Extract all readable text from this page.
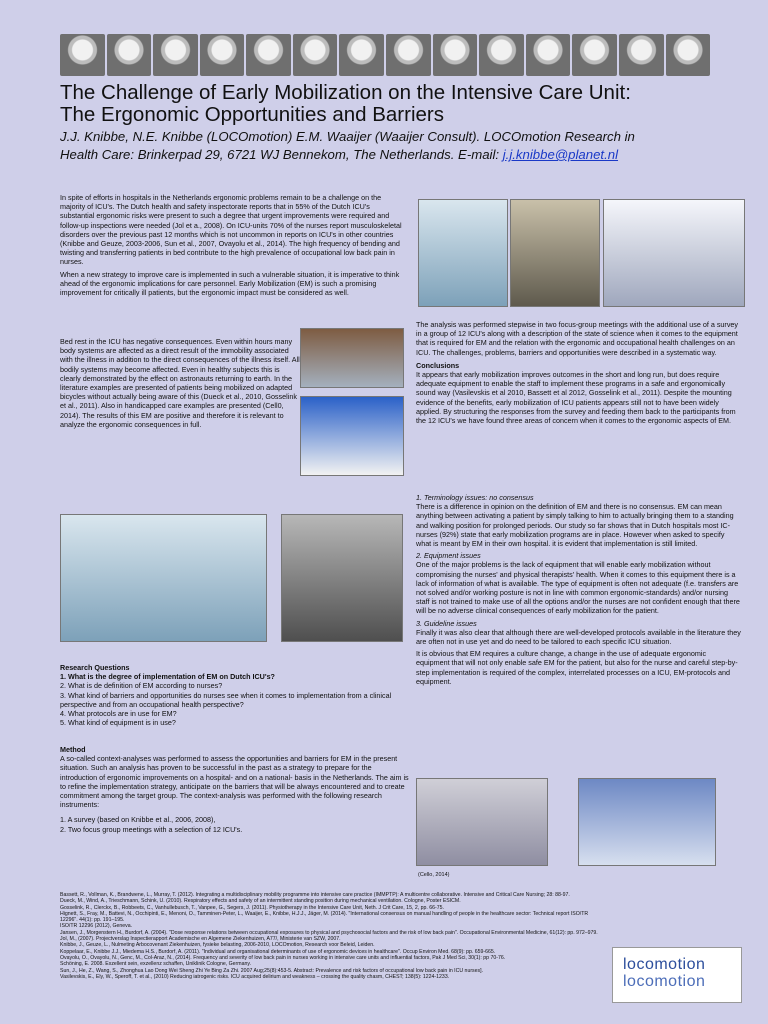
The Challenge of Early Mobilization on the Intensive Care Unit:
The Ergonomic Opportunities and Barriers
J.J. Knibbe, N.E. Knibbe (LOCOmotion) E.M. Waaijer (Waaijer Consult). LOCOmotion Research in
Health Care: Brinkerpad 29, 6721 WJ Bennekom, The Netherlands. E-mail: j.j.knibbe@planet.nl

In spite of efforts in hospitals in the Netherlands ergonomic problems remain to be a challenge on the majority of ICU's. The Dutch health and safety inspectorate reports that in 55% of the Dutch ICU's substantial ergonomic risks were present to such a degree that urgent improvements were required and follow-up inspections were needed (Jol et a., 2008). On ICU-units 70% of the nurses report musculoskeletal disorders over the previous past 12 months which is not uncommon in reports on ICU's in other countries (Knibbe and Geuze, 2003-2006, Sun et al., 2007, Ovayolu et al., 2014). The high frequency of bending and twisting and transferring patients in bed contribute to the high prevalence of occupational low back pain in nurses.

When a new strategy to improve care is implemented in such a vulnerable situation, it is imperative to think ahead of the ergonomic implications for care personnel. Early Mobilization (EM) is such a promising improvement for critically ill patients, but the ergonomic impact must be considered as well.

Bed rest in the ICU has negative consequences. Even within hours many body systems are affected as a direct result of the immobility associated with the illness in addition to the direct consequences of the illness itself. All bodily systems may become affected. Even in healthy subjects this is clearly demonstrated by the effect on astronauts returning to earth. In the literature examples are presented of patients being mobilized on adapted bicycles without actually being aware of this (Dueck et al., 2010, Gosselink et al., 2011). Also in handicapped care examples are presented (Cell0, 2014). The results of this EM are positive and therefore it is relevant to analyze the ergonomic consequences in full.

Research Questions
1. What is the degree of implementation of EM on Dutch ICU's?
2. What is de definition of EM according to nurses?
3. What kind of barriers and opportunities do nurses see when it comes to implementation from a clinical perspective and from an occupational health perspective?
4. What protocols are in use for EM?
5. What kind of equipment is in use?
Method

A so-called context-analyses was performed to assess the opportunities and barriers for EM in the present situation. Such an analysis has proven to be successful in the past as a strategy to prepare for the introduction of ergonomic improvements on a hospital- and on a national- basis in the Netherlands. The aim is to refine the implementation strategy, anticipate on the barriers that will be always encountered and to create commitment among the target group. The context-analysis was performed with the following research instruments:

1. A survey (based on Knibbe et al., 2006, 2008),
2. Two focus group meetings with a selection of 12 ICU's.

The analysis was performed stepwise in two focus-group meetings with the additional use of a survey in a group of 12 ICU's along with a description of the state of science when it comes to the equipment that is required for EM and the relation with the ergonomic and occupational health challenges on an ICU. The challenges, problems, barriers and opportunities were described in a systematic way.

Conclusions

It appears that early mobilization improves outcomes in the short and long run, but does require adequate equipment to enable the staff to implement these programs in a safe and ergonomically sound way (Vasilevskis et al 2010, Bassett et al 2012, Gosselink et al., 2011). Despite the mounting evidence of the benefits, early mobilization of ICU patients appears still not to have been widely applied. By structuring the responses from the survey and feeding them back to the participants from the 12 ICU's we have found three areas of concern when it comes to the ergonomic aspects of EM.

1. Terminology issues: no consensus

There is a difference in opinion on the definition of EM and there is no consensus. EM can mean anything between activating a patient by simply talking to him to actually bringing them to a standing and walking position for prolonged periods. Our study so far shows that in Dutch hospitals most IC-nurses (92%) state that early mobilization programs are in place. However when asked to specify what is meant by EM in their own hospital. it is evident that implementation is still limited.

2. Equipment issues

One of the major problems is the lack of equipment that will enable early mobilization without compromising the nurses' and physical therapists' health. When it comes to this equipment there is a lack of information of what is available. The type of equipment is often not adequate (f.e. transfers are not solved and/or working posture is not in line with common ergonomic-standards) and/or nursing staff is not trained to make use of all the options and/or the nurses are not confident enough that there will be no adverse clinical consequences of early mobilization for the patient.

3. Guideline issues

Finally it was also clear that although there are well-developed protocols available in the literature they are often not in use yet and do need to be tailored to each specific ICU situation.

It is obvious that EM requires a culture change, a change in the use of adequate ergonomic equipment that will not only enable safe EM for the patient, but also for the nurse and careful step-by-step implementation is required of the complex, interrelated processes on a ICU, EM-protocols and equipment.

(Cello, 2014)
Bassett, R., Vollman, K., Brandwene, L., Murray, T. (2012). Integrating a multidisciplinary mobility programme into intensive care practice (IMMPTP): A multicentre collaborative. Intensive and Critical Care Nursing; 28: 88-97.
Dueck, M., Wind, A., Trieschmann, Schink, U. (2010). Respiratory effects and safety of an intermittent standing position during mechanical ventilation. Cologne, Poster ESICM.
Gosselink, R., Clerckx, B., Robbeets, C., Vanhullebusch, T., Vanpee, G., Segers, J. (2011). Physiotherapy in the Intensive Care Unit, Neth. J Crit Care, 15, 2, pp. 66-75.
Hignett, S., Fray, M., Battevi, N., Occhipinti, E., Menoni, O., Tamminen-Peter, L., Waaijer, E., Knibbe, H.J.J., Jäger, M. (2014). "International consensus on manual handling of people in the healthcare sector: Technical report ISO/TR 12296". 44(1): pp. 191–195.
ISO/TR 12296 (2012), Geneva.
Jansen, J., Morgenstern H., Burdorf, A. (2004). "Dose response relations between occupational exposures to physical and psychosocial factors and the risk of low back pain". Occupational Environmental Medicine, 61(12): pp. 972–979.
Jol, M., (2007). Projectverslag Inspectierapport Academische en Algemene Ziekenhuizen, A77/, Ministerie van SZW, 2007.
Knibbe, J., Geuze, L., Nulmeting Arbocovenant Ziekenhuizen, fysieke belasting, 2006-2010, LOCOmotion, Research voor Beleid, Leiden.
Koppelaar, E., Knibbe J.J., Miedema H.S., Burdorf, A. (2011). "Individual and organisational determinants of use of ergonomic devices in healthcare". Occup Environ Med. 68(9): pp. 659-665.
Ovayolu, O., Ovayolu, N., Genc, M., Col-Araz, N., (2014). Frequency and severity of low back pain in nurses working in intensive care units and influential factors, Pak J Med Sci, 30(1): pp 70-76.
Schöning, E. 2008. Exzellent sein, exzellenz schaffen, Uniklinik Cologne, Germany.
Sun, J., He, Z., Wang, S., Zhonghua Lao Dong Wei Sheng Zhi Ye Bing Za Zhi. 2007 Aug;25(8):453-5. Abstract: Prevalence and risk factors of occupational low back pain in ICU nurses].
Vasilevskis, E., Ely, W., Speroff, T. et al., (2010) Reducing iatrogenic risks. ICU acquired delirium and weakness – crossing the quality chasm, CHEST; 138(5): 1224-1233.
locomotion
locomotion
